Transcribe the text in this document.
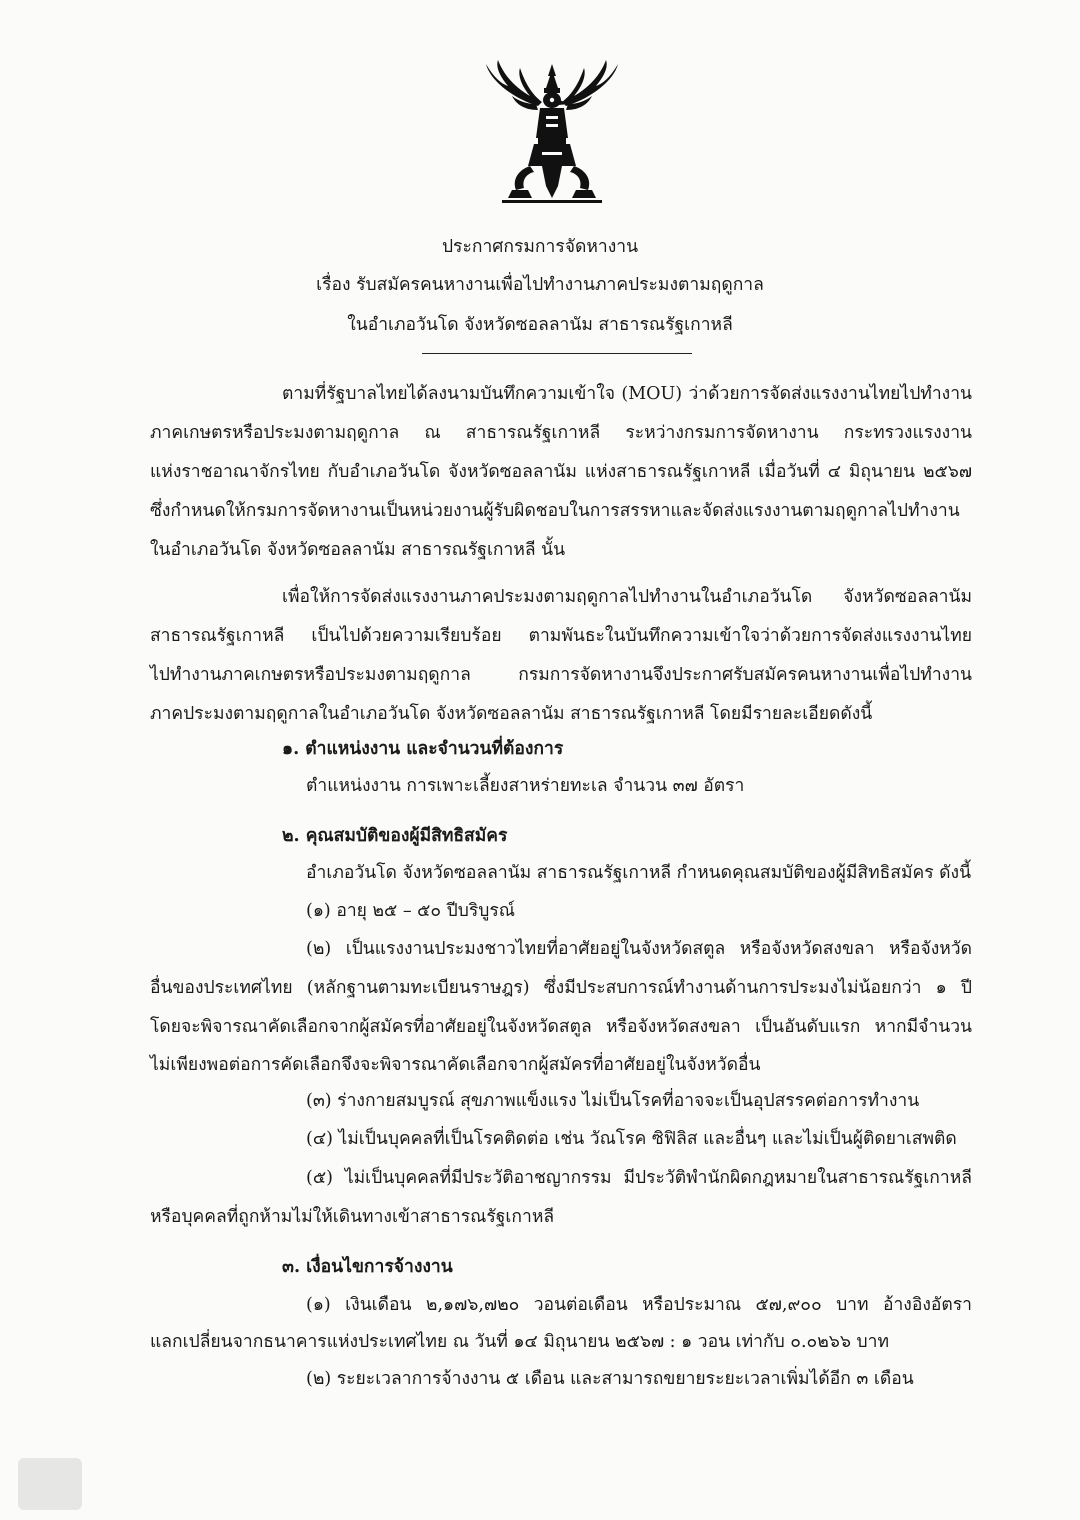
ประกาศกรมการจัดหางาน
เรื่อง รับสมัครคนหางานเพื่อไปทำงานภาคประมงตามฤดูกาล
ในอำเภอวันโด จังหวัดซอลลานัม สาธารณรัฐเกาหลี
ตามที่รัฐบาลไทยได้ลงนามบันทึกความเข้าใจ (MOU) ว่าด้วยการจัดส่งแรงงานไทยไปทำงาน
ภาคเกษตรหรือประมงตามฤดูกาล ณ สาธารณรัฐเกาหลี ระหว่างกรมการจัดหางาน กระทรวงแรงงาน
แห่งราชอาณาจักรไทย กับอำเภอวันโด จังหวัดซอลลานัม แห่งสาธารณรัฐเกาหลี เมื่อวันที่ ๔ มิถุนายน ๒๕๖๗
ซึ่งกำหนดให้กรมการจัดหางานเป็นหน่วยงานผู้รับผิดชอบในการสรรหาและจัดส่งแรงงานตามฤดูกาลไปทำงาน
ในอำเภอวันโด จังหวัดซอลลานัม สาธารณรัฐเกาหลี นั้น
เพื่อให้การจัดส่งแรงงานภาคประมงตามฤดูกาลไปทำงานในอำเภอวันโด จังหวัดซอลลานัม
สาธารณรัฐเกาหลี เป็นไปด้วยความเรียบร้อย ตามพันธะในบันทึกความเข้าใจว่าด้วยการจัดส่งแรงงานไทย
ไปทำงานภาคเกษตรหรือประมงตามฤดูกาล กรมการจัดหางานจึงประกาศรับสมัครคนหางานเพื่อไปทำงาน
ภาคประมงตามฤดูกาลในอำเภอวันโด จังหวัดซอลลานัม สาธารณรัฐเกาหลี โดยมีรายละเอียดดังนี้
๑. ตำแหน่งงาน และจำนวนที่ต้องการ
ตำแหน่งงาน การเพาะเลี้ยงสาหร่ายทะเล จำนวน ๓๗ อัตรา
๒. คุณสมบัติของผู้มีสิทธิสมัคร
อำเภอวันโด จังหวัดซอลลานัม สาธารณรัฐเกาหลี กำหนดคุณสมบัติของผู้มีสิทธิสมัคร ดังนี้
(๑) อายุ ๒๕ – ๕๐ ปีบริบูรณ์
(๒) เป็นแรงงานประมงชาวไทยที่อาศัยอยู่ในจังหวัดสตูล หรือจังหวัดสงขลา หรือจังหวัด
อื่นของประเทศไทย (หลักฐานตามทะเบียนราษฎร) ซึ่งมีประสบการณ์ทำงานด้านการประมงไม่น้อยกว่า ๑ ปี
โดยจะพิจารณาคัดเลือกจากผู้สมัครที่อาศัยอยู่ในจังหวัดสตูล หรือจังหวัดสงขลา เป็นอันดับแรก หากมีจำนวน
ไม่เพียงพอต่อการคัดเลือกจึงจะพิจารณาคัดเลือกจากผู้สมัครที่อาศัยอยู่ในจังหวัดอื่น
(๓) ร่างกายสมบูรณ์ สุขภาพแข็งแรง ไม่เป็นโรคที่อาจจะเป็นอุปสรรคต่อการทำงาน
(๔) ไม่เป็นบุคคลที่เป็นโรคติดต่อ เช่น วัณโรค ซิฟิลิส และอื่นๆ และไม่เป็นผู้ติดยาเสพติด
(๕) ไม่เป็นบุคคลที่มีประวัติอาชญากรรม มีประวัติพำนักผิดกฎหมายในสาธารณรัฐเกาหลี
หรือบุคคลที่ถูกห้ามไม่ให้เดินทางเข้าสาธารณรัฐเกาหลี
๓. เงื่อนไขการจ้างงาน
(๑) เงินเดือน ๒,๑๗๖,๗๒๐ วอนต่อเดือน หรือประมาณ ๕๗,๙๐๐ บาท อ้างอิงอัตรา
แลกเปลี่ยนจากธนาคารแห่งประเทศไทย ณ วันที่ ๑๔ มิถุนายน ๒๕๖๗ : ๑ วอน เท่ากับ ๐.๐๒๖๖ บาท
(๒) ระยะเวลาการจ้างงาน ๕ เดือน และสามารถขยายระยะเวลาเพิ่มได้อีก ๓ เดือน
